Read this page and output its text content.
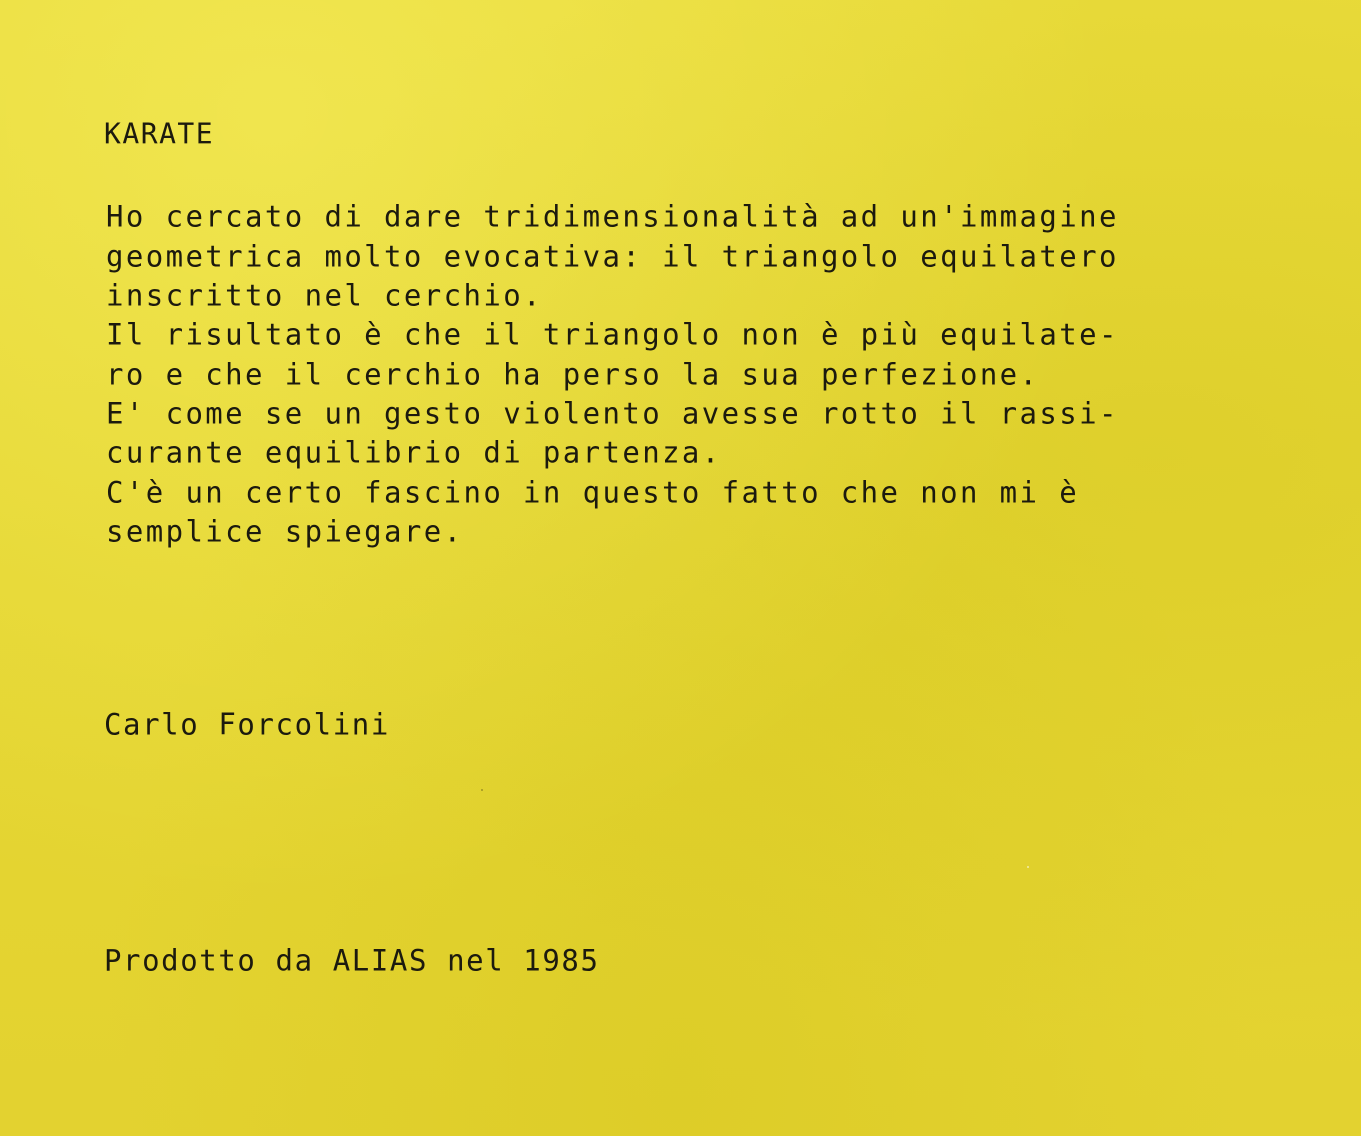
KARATE
Ho cercato di dare tridimensionalità ad un'immagine
geometrica molto evocativa: il triangolo equilatero
inscritto nel cerchio.
Il risultato è che il triangolo non è più equilate-
ro e che il cerchio ha perso la sua perfezione.
E' come se un gesto violento avesse rotto il rassi-
curante equilibrio di partenza.
C'è un certo fascino in questo fatto che non mi è
semplice spiegare.
Carlo Forcolini
Prodotto da ALIAS nel 1985
